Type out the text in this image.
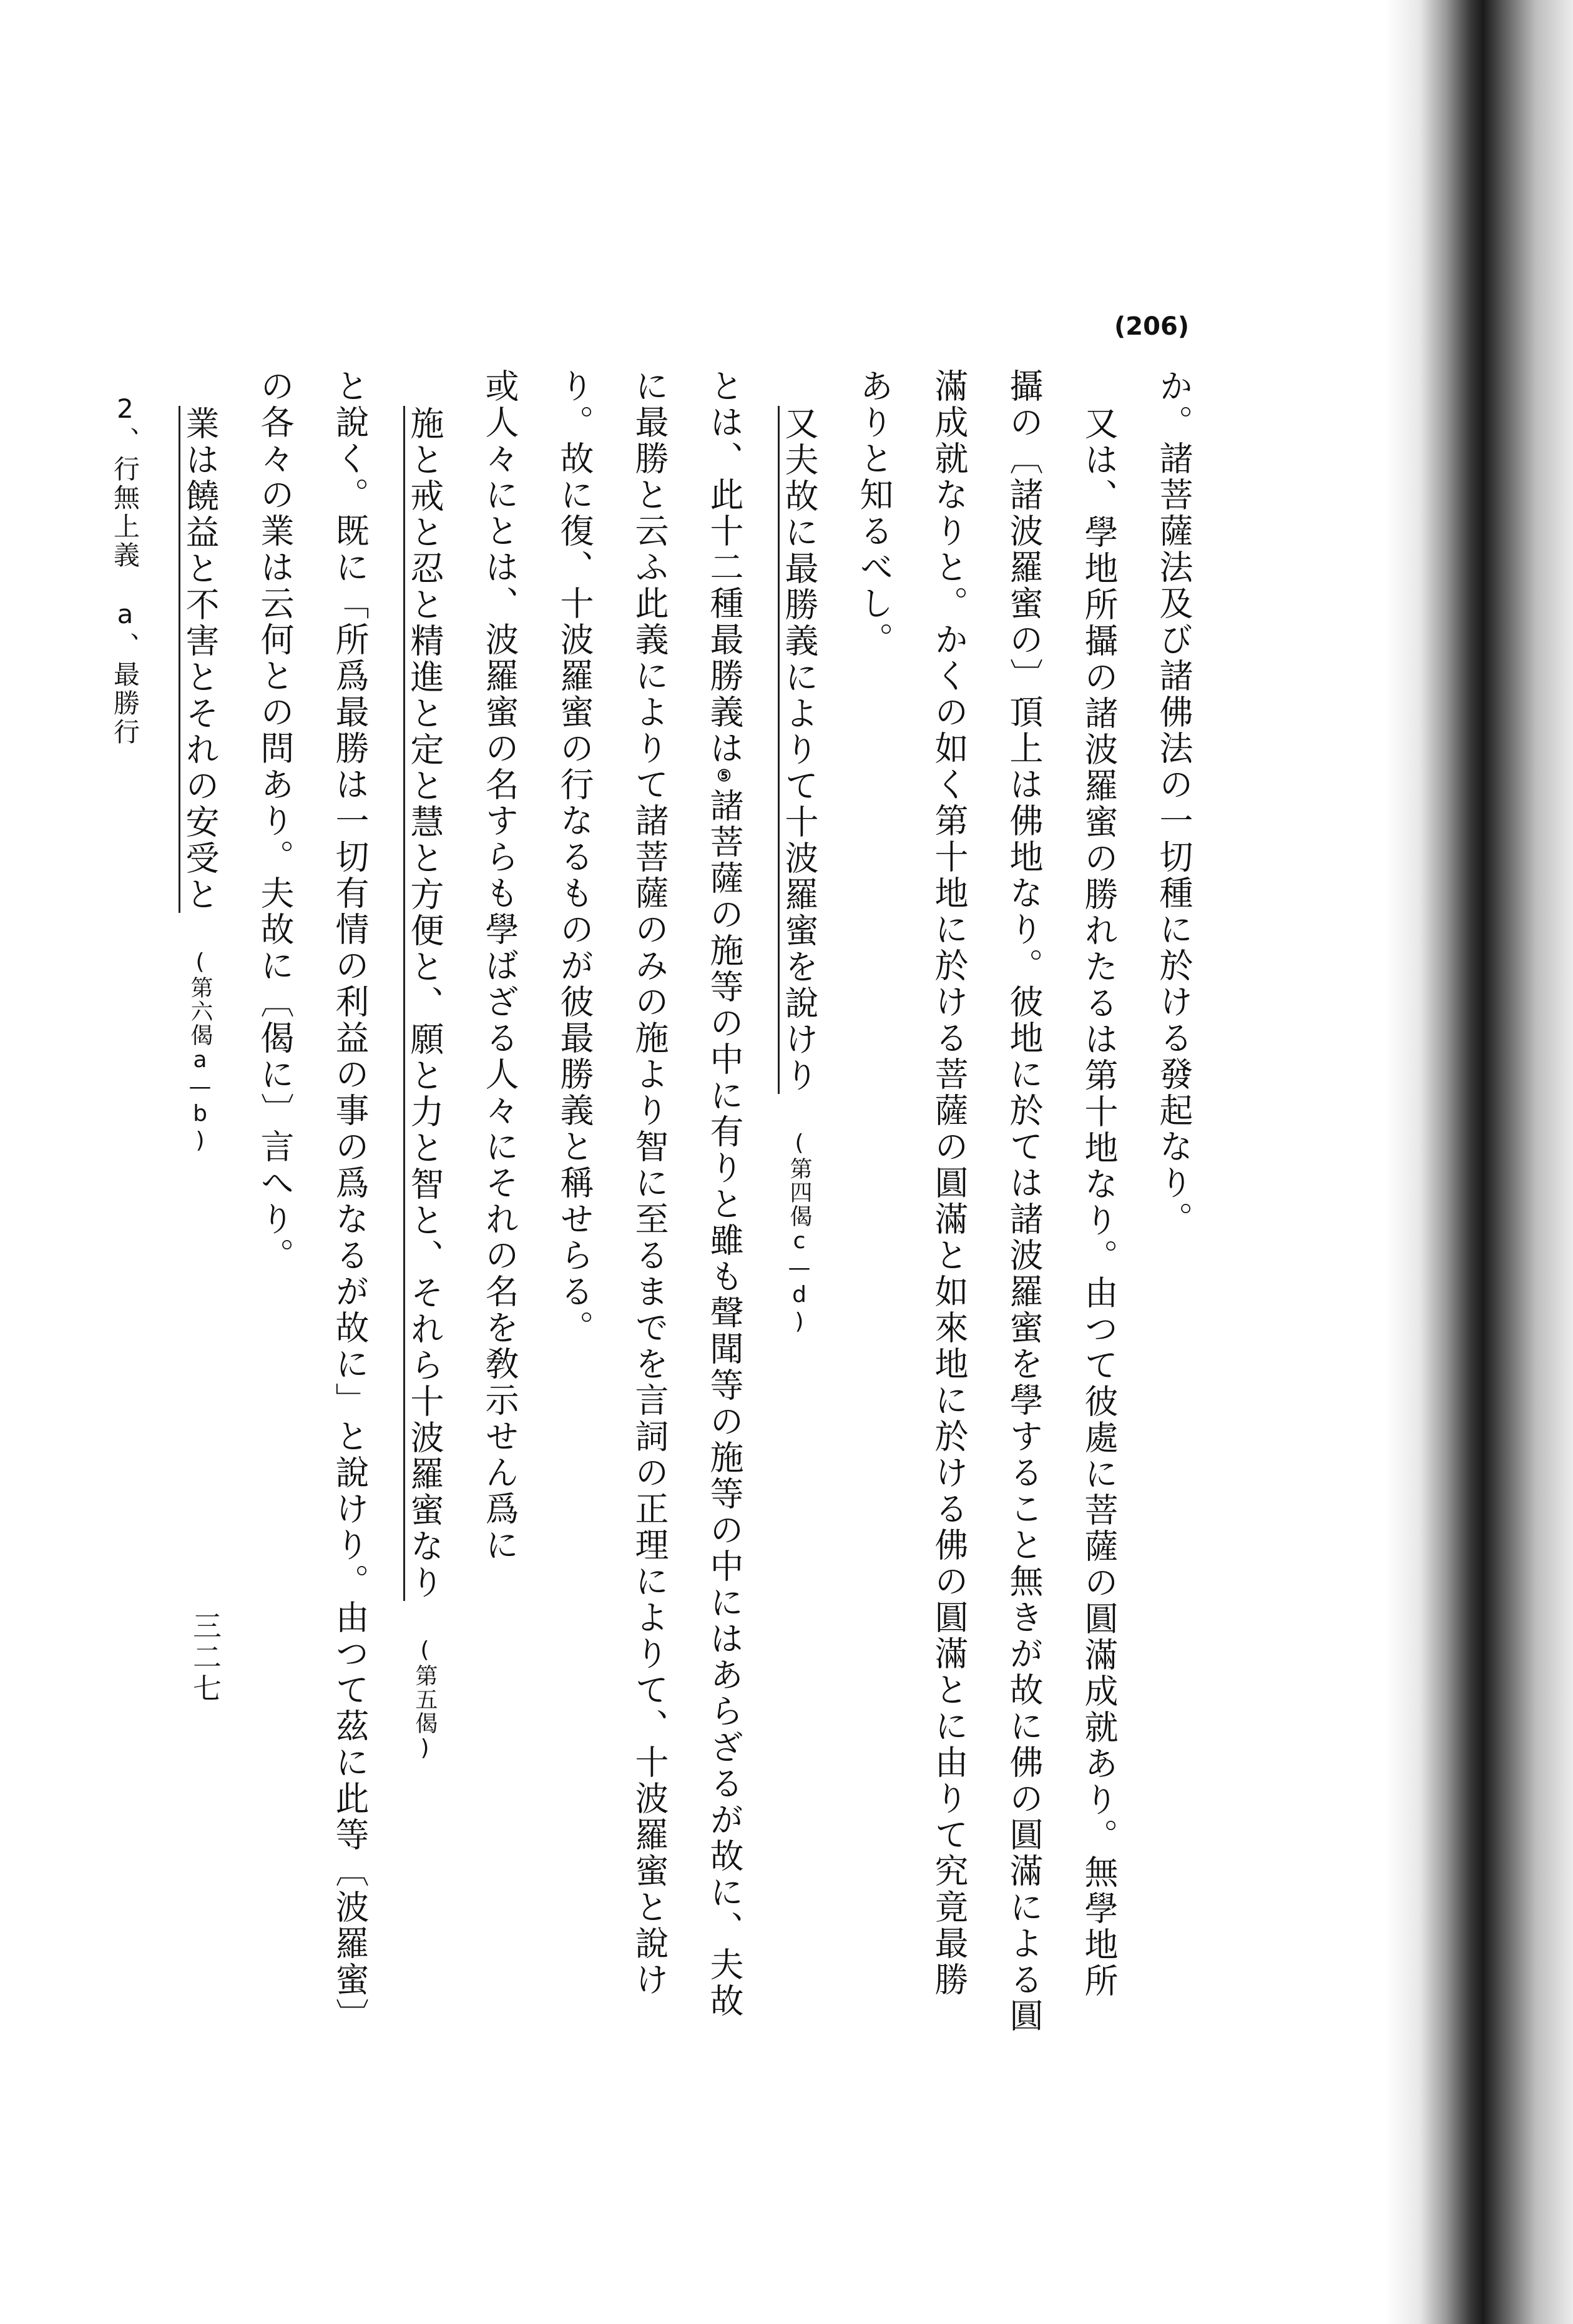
(206)
か。諸菩薩法及び諸佛法の一切種に於ける發起なり。
又は、學地所攝の諸波羅蜜の勝れたるは第十地なり。由つて彼處に菩薩の圓滿成就あり。無學地所
攝の〔諸波羅蜜の〕頂上は佛地なり。彼地に於ては諸波羅蜜を學すること無きが故に佛の圓滿による圓
滿成就なりと。かくの如く第十地に於ける菩薩の圓滿と如來地に於ける佛の圓滿とに由りて究竟最勝
ありと知るべし。
又夫故に最勝義によりて十波羅蜜を說けり　(第四偈c—d)
とは、此十二種最勝義は⑤諸菩薩の施等の中に有りと雖も聲聞等の施等の中にはあらざるが故に、夫故
に最勝と云ふ此義によりて諸菩薩のみの施より智に至るまでを言詞の正理によりて、十波羅蜜と說け
り。故に復、十波羅蜜の行なるものが彼最勝義と稱せらる。
或人々にとは、波羅蜜の名すらも學ばざる人々にそれの名を敎示せん爲に
施と戒と忍と精進と定と慧と方便と、願と力と智と、それら十波羅蜜なり　(第五偈)
と說く。既に「所爲最勝は一切有情の利益の事の爲なるが故に」と說けり。由つて茲に此等〔波羅蜜〕
の各々の業は云何との問あり。夫故に〔偈に〕言へり。
業は饒益と不害とそれの安受と　(第六偈a—b)
2、行無上義　a、最勝行
三二七
